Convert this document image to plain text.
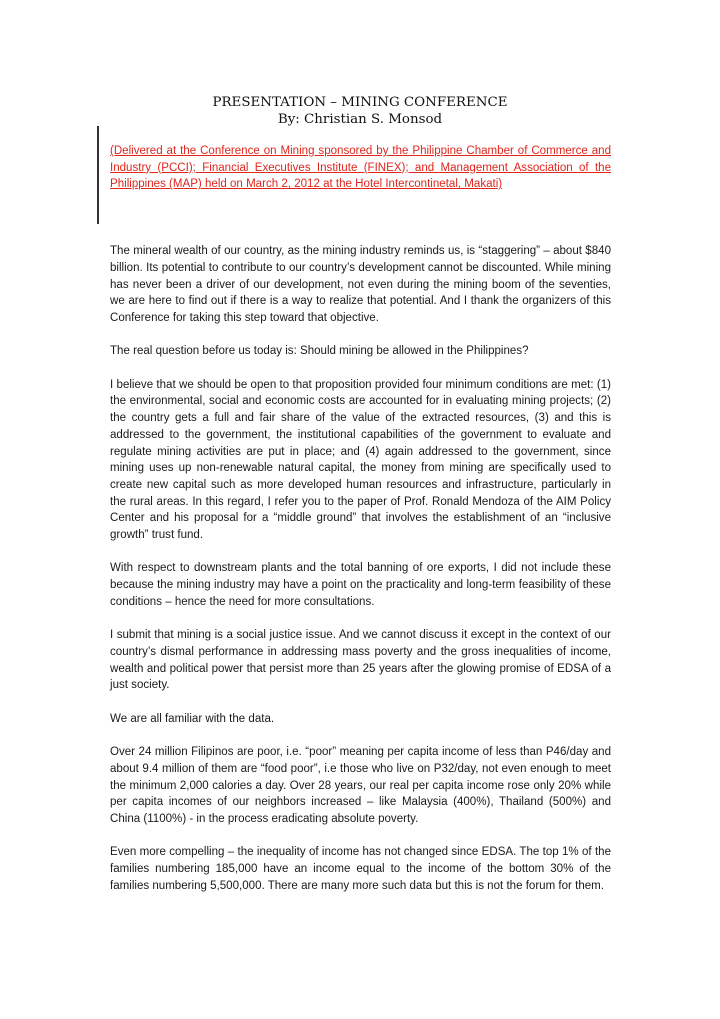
PRESENTATION – MINING CONFERENCE
By: Christian S. Monsod

(Delivered at the Conference on Mining sponsored by the Philippine Chamber of Commerce and Industry (PCCI); Financial Executives Institute (FINEX); and Management Association of the Philippines (MAP) held on March 2, 2012 at the Hotel Intercontinetal, Makati)

The mineral wealth of our country, as the mining industry reminds us, is “staggering” – about $840 billion. Its potential to contribute to our country’s development cannot be discounted. While mining has never been a driver of our development, not even during the mining boom of the seventies, we are here to find out if there is a way to realize that potential. And I thank the organizers of this Conference for taking this step toward that objective.

The real question before us today is: Should mining be allowed in the Philippines?

I believe that we should be open to that proposition provided four minimum conditions are met: (1) the environmental, social and economic costs are accounted for in evaluating mining projects; (2) the country gets a full and fair share of the value of the extracted resources, (3) and this is addressed to the government, the institutional capabilities of the government to evaluate and regulate mining activities are put in place; and (4) again addressed to the government, since mining uses up non-renewable natural capital, the money from mining are specifically used to create new capital such as more developed human resources and infrastructure, particularly in the rural areas. In this regard, I refer you to the paper of Prof. Ronald Mendoza of the AIM Policy Center and his proposal for a “middle ground” that involves the establishment of an “inclusive growth” trust fund.

With respect to downstream plants and the total banning of ore exports, I did not include these because the mining industry may have a point on the practicality and long-term feasibility of these conditions – hence the need for more consultations.

I submit that mining is a social justice issue. And we cannot discuss it except in the context of our country’s dismal performance in addressing mass poverty and the gross inequalities of income, wealth and political power that persist more than 25 years after the glowing promise of EDSA of a just society.

We are all familiar with the data.

Over 24 million Filipinos are poor, i.e. “poor” meaning per capita income of less than P46/day and about 9.4 million of them are “food poor”, i.e those who live on P32/day, not even enough to meet the minimum 2,000 calories a day. Over 28 years, our real per capita income rose only 20% while per capita incomes of our neighbors increased – like Malaysia (400%), Thailand (500%) and China (1100%) - in the process eradicating absolute poverty.

Even more compelling – the inequality of income has not changed since EDSA. The top 1% of the families numbering 185,000 have an income equal to the income of the bottom 30% of the families numbering 5,500,000. There are many more such data but this is not the forum for them.
